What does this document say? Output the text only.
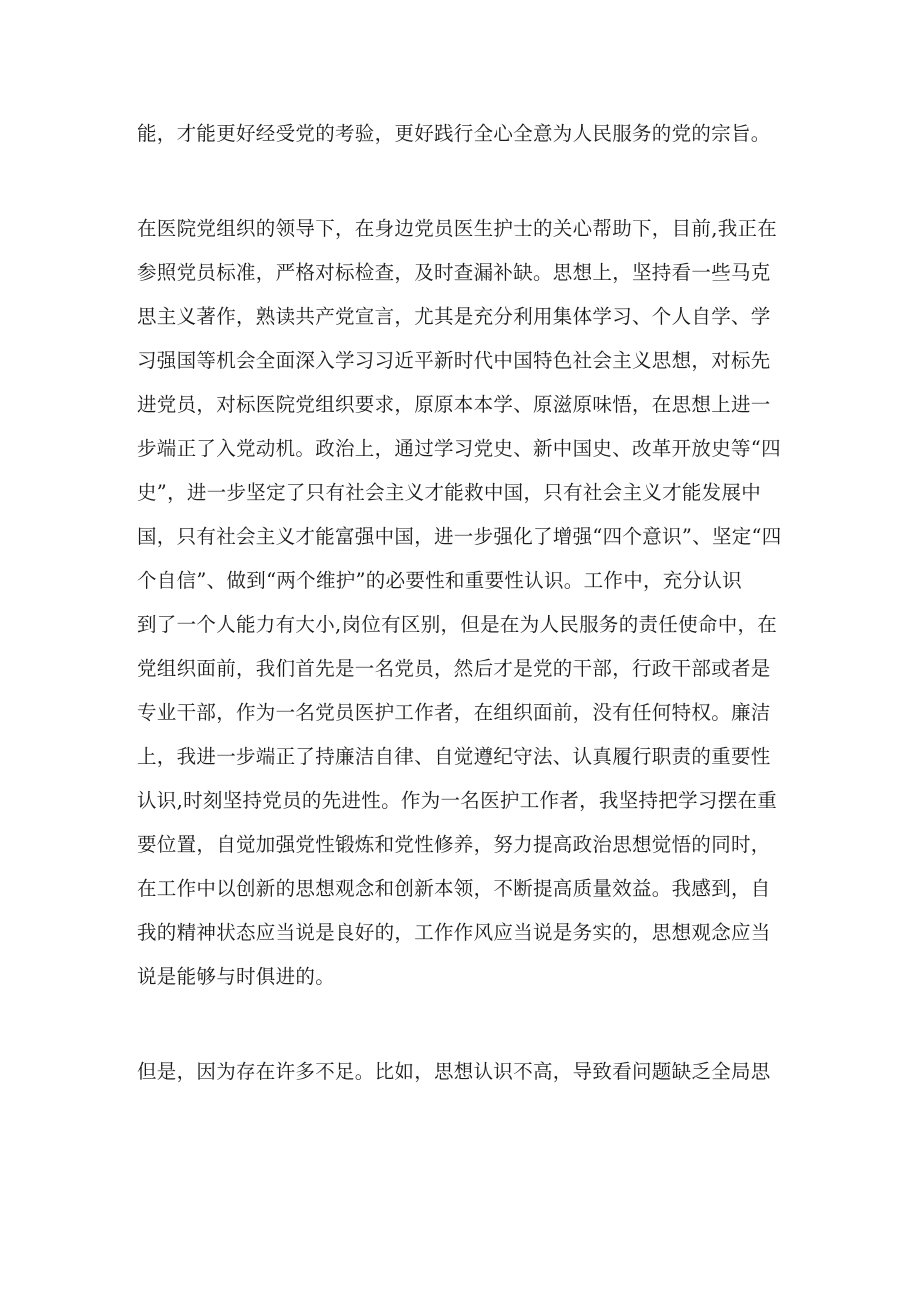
能，才能更好经受党的考验，更好践行全心全意为人民服务的党的宗旨。
在医院党组织的领导下，在身边党员医生护士的关心帮助下，目前,我正在
参照党员标准，严格对标检查，及时查漏补缺。思想上，坚持看一些马克
思主义著作，熟读共产党宣言，尤其是充分利用集体学习、个人自学、学
习强国等机会全面深入学习习近平新时代中国特色社会主义思想，对标先
进党员，对标医院党组织要求，原原本本学、原滋原味悟，在思想上进一
步端正了入党动机。政治上，通过学习党史、新中国史、改革开放史等“四
史”，进一步坚定了只有社会主义才能救中国，只有社会主义才能发展中
国，只有社会主义才能富强中国，进一步强化了增强“四个意识”、坚定“四
个自信”、做到“两个维护”的必要性和重要性认识。工作中，充分认识
到了一个人能力有大小,岗位有区别，但是在为人民服务的责任使命中，在
党组织面前，我们首先是一名党员，然后才是党的干部，行政干部或者是
专业干部，作为一名党员医护工作者，在组织面前，没有任何特权。廉洁
上，我进一步端正了持廉洁自律、自觉遵纪守法、认真履行职责的重要性
认识,时刻坚持党员的先进性。作为一名医护工作者，我坚持把学习摆在重
要位置，自觉加强党性锻炼和党性修养，努力提高政治思想觉悟的同时，
在工作中以创新的思想观念和创新本领，不断提高质量效益。我感到，自
我的精神状态应当说是良好的，工作作风应当说是务实的，思想观念应当
说是能够与时俱进的。
但是，因为存在许多不足。比如，思想认识不高，导致看问题缺乏全局思
